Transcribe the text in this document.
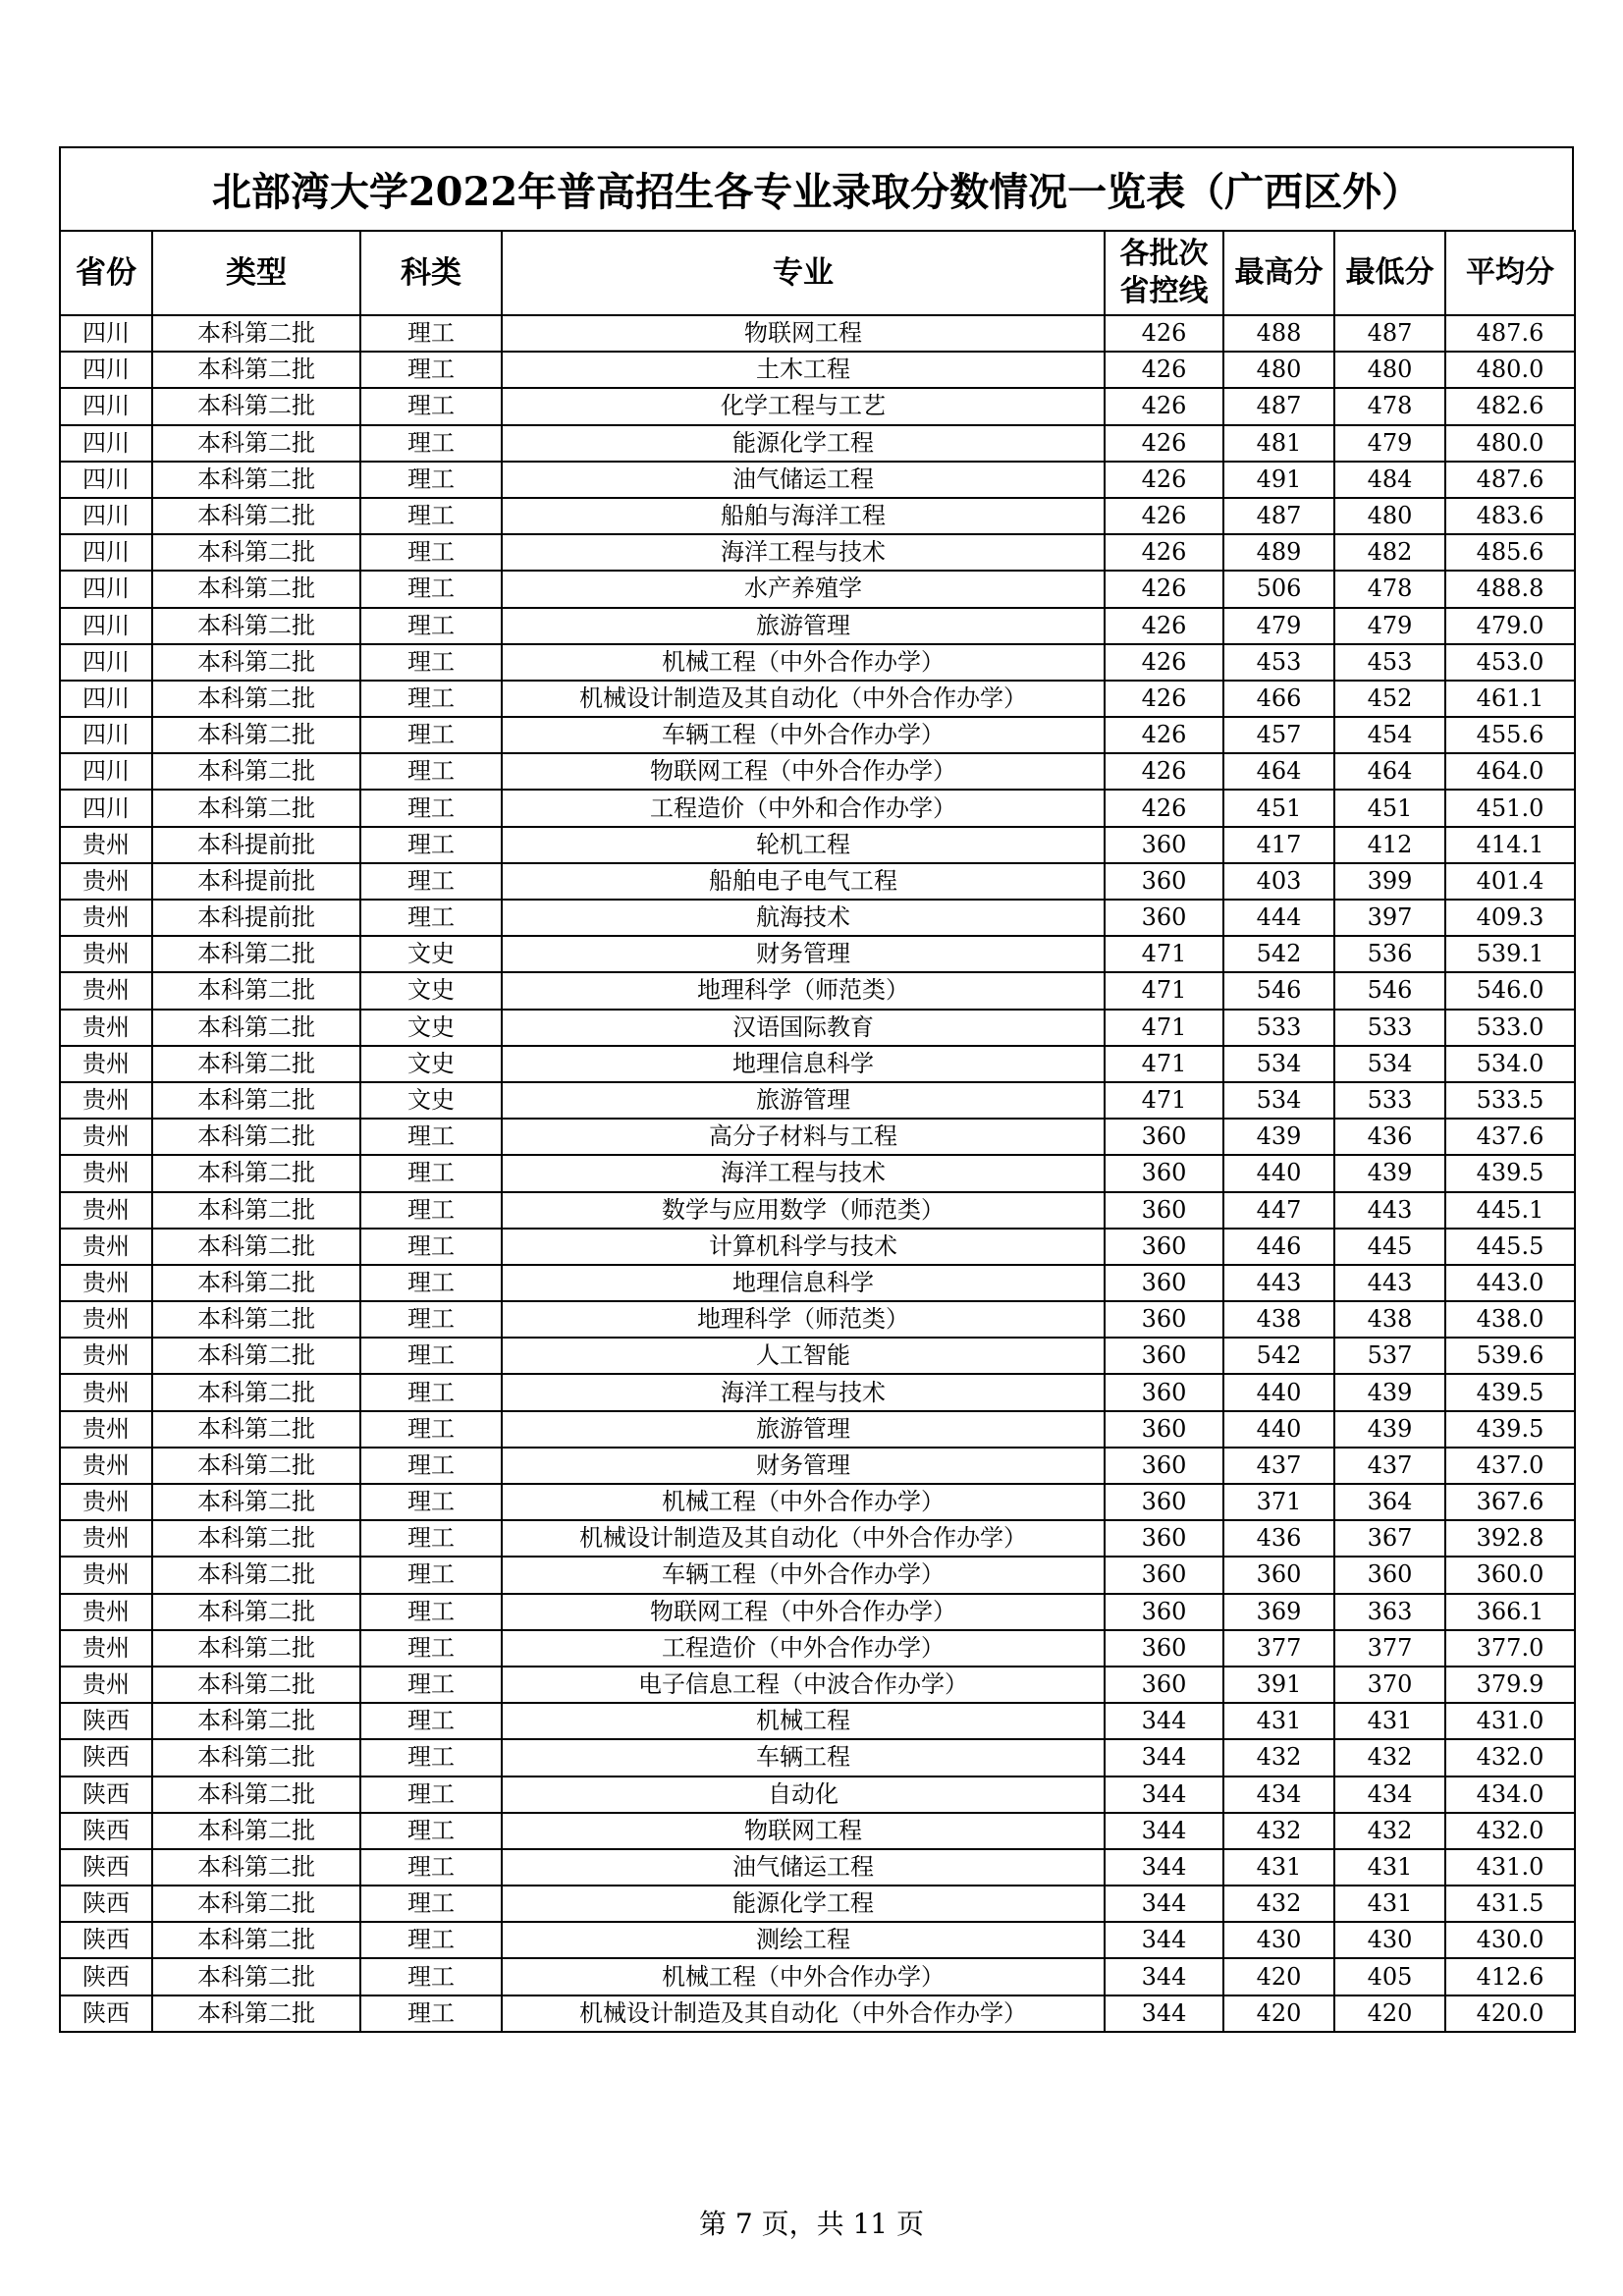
北部湾大学2022年普高招生各专业录取分数情况一览表（广西区外）
省份	类型	科类	专业	各批次省控线	最高分	最低分	平均分
四川	本科第二批	理工	物联网工程	426	488	487	487.6
四川	本科第二批	理工	土木工程	426	480	480	480.0
四川	本科第二批	理工	化学工程与工艺	426	487	478	482.6
四川	本科第二批	理工	能源化学工程	426	481	479	480.0
四川	本科第二批	理工	油气储运工程	426	491	484	487.6
四川	本科第二批	理工	船舶与海洋工程	426	487	480	483.6
四川	本科第二批	理工	海洋工程与技术	426	489	482	485.6
四川	本科第二批	理工	水产养殖学	426	506	478	488.8
四川	本科第二批	理工	旅游管理	426	479	479	479.0
四川	本科第二批	理工	机械工程（中外合作办学）	426	453	453	453.0
四川	本科第二批	理工	机械设计制造及其自动化（中外合作办学）	426	466	452	461.1
四川	本科第二批	理工	车辆工程（中外合作办学）	426	457	454	455.6
四川	本科第二批	理工	物联网工程（中外合作办学）	426	464	464	464.0
四川	本科第二批	理工	工程造价（中外和合作办学）	426	451	451	451.0
贵州	本科提前批	理工	轮机工程	360	417	412	414.1
贵州	本科提前批	理工	船舶电子电气工程	360	403	399	401.4
贵州	本科提前批	理工	航海技术	360	444	397	409.3
贵州	本科第二批	文史	财务管理	471	542	536	539.1
贵州	本科第二批	文史	地理科学（师范类）	471	546	546	546.0
贵州	本科第二批	文史	汉语国际教育	471	533	533	533.0
贵州	本科第二批	文史	地理信息科学	471	534	534	534.0
贵州	本科第二批	文史	旅游管理	471	534	533	533.5
贵州	本科第二批	理工	高分子材料与工程	360	439	436	437.6
贵州	本科第二批	理工	海洋工程与技术	360	440	439	439.5
贵州	本科第二批	理工	数学与应用数学（师范类）	360	447	443	445.1
贵州	本科第二批	理工	计算机科学与技术	360	446	445	445.5
贵州	本科第二批	理工	地理信息科学	360	443	443	443.0
贵州	本科第二批	理工	地理科学（师范类）	360	438	438	438.0
贵州	本科第二批	理工	人工智能	360	542	537	539.6
贵州	本科第二批	理工	海洋工程与技术	360	440	439	439.5
贵州	本科第二批	理工	旅游管理	360	440	439	439.5
贵州	本科第二批	理工	财务管理	360	437	437	437.0
贵州	本科第二批	理工	机械工程（中外合作办学）	360	371	364	367.6
贵州	本科第二批	理工	机械设计制造及其自动化（中外合作办学）	360	436	367	392.8
贵州	本科第二批	理工	车辆工程（中外合作办学）	360	360	360	360.0
贵州	本科第二批	理工	物联网工程（中外合作办学）	360	369	363	366.1
贵州	本科第二批	理工	工程造价（中外合作办学）	360	377	377	377.0
贵州	本科第二批	理工	电子信息工程（中波合作办学）	360	391	370	379.9
陕西	本科第二批	理工	机械工程	344	431	431	431.0
陕西	本科第二批	理工	车辆工程	344	432	432	432.0
陕西	本科第二批	理工	自动化	344	434	434	434.0
陕西	本科第二批	理工	物联网工程	344	432	432	432.0
陕西	本科第二批	理工	油气储运工程	344	431	431	431.0
陕西	本科第二批	理工	能源化学工程	344	432	431	431.5
陕西	本科第二批	理工	测绘工程	344	430	430	430.0
陕西	本科第二批	理工	机械工程（中外合作办学）	344	420	405	412.6
陕西	本科第二批	理工	机械设计制造及其自动化（中外合作办学）	344	420	420	420.0
第 7 页，共 11 页
